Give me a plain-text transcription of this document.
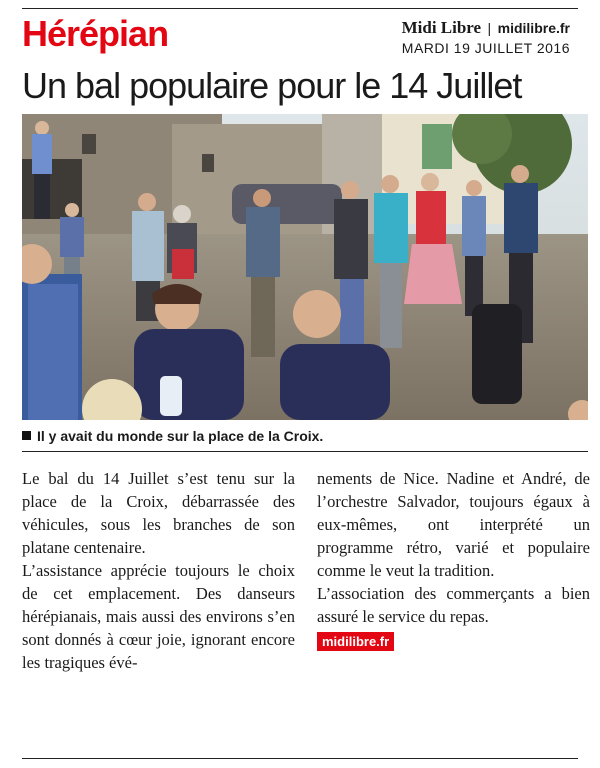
Hérépian	Midi Libre | midilibre.fr
MARDI 19 JUILLET 2016
Un bal populaire pour le 14 Juillet
Il y avait du monde sur la place de la Croix.

Le bal du 14 Juillet s’est tenu sur la place de la Croix, débarrassée des véhicules, sous les branches de son platane centenaire.

L’assistance apprécie toujours le choix de cet emplacement. Des danseurs hérépianais, mais aussi des environs s’en sont donnés à cœur joie, ignorant encore les tragiques évé-

nements de Nice. Nadine et André, de l’orchestre Salvador, toujours égaux à eux-mêmes, ont interprété un programme rétro, varié et populaire comme le veut la tradition.

L’association des commerçants a bien assuré le service du repas.

midilibre.fr
